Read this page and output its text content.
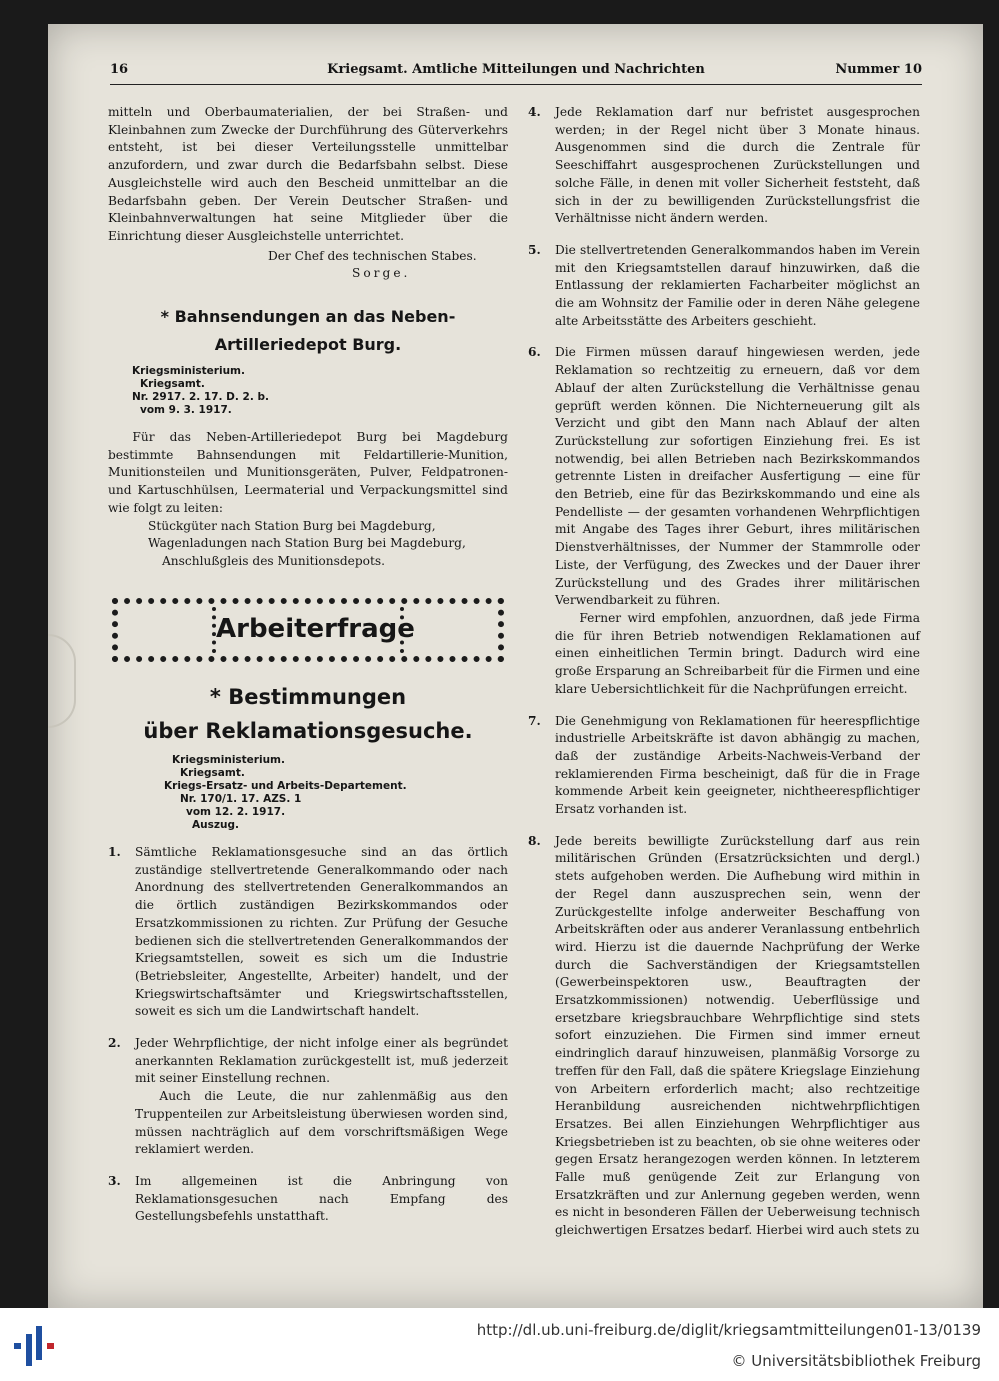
16	Kriegsamt. Amtliche Mitteilungen und Nachrichten	Nummer 10

mitteln und Oberbaumaterialien, der bei Straßen- und Kleinbahnen zum Zwecke der Durchführung des Güterverkehrs entsteht, ist bei dieser Verteilungsstelle unmittelbar anzufordern, und zwar durch die Bedarfsbahn selbst. Diese Ausgleichstelle wird auch den Bescheid unmittelbar an die Bedarfsbahn geben. Der Verein Deutscher Straßen- und Kleinbahnverwaltungen hat seine Mitglieder über die Einrichtung dieser Ausgleichstelle unterrichtet.

Der Chef des technischen Stabes.

Sorge.

* Bahnsendungen an das Neben-Artilleriedepot Burg.
Kriegsministerium.
Kriegsamt.
Nr. 2917. 2. 17. D. 2. b.
vom 9. 3. 1917.

Für das Neben-Artilleriedepot Burg bei Magdeburg bestimmte Bahnsendungen mit Feldartillerie-Munition, Munitionsteilen und Munitionsgeräten, Pulver, Feldpatronen- und Kartuschhülsen, Leermaterial und Verpackungsmittel sind wie folgt zu leiten:

Stückgüter nach Station Burg bei Magdeburg,
Wagenladungen nach Station Burg bei Magdeburg,
Anschlußgleis des Munitionsdepots.
Arbeiterfrage
* Bestimmungen
über Reklamationsgesuche.
Kriegsministerium.
Kriegsamt.
Kriegs-Ersatz- und Arbeits-Departement.
Nr. 170/1. 17. AZS. 1
vom 12. 2. 1917.
Auszug.
1. Sämtliche Reklamationsgesuche sind an das örtlich zuständige stellvertretende Generalkommando oder nach Anordnung des stellvertretenden Generalkommandos an die örtlich zuständigen Bezirkskommandos oder Ersatzkommissionen zu richten. Zur Prüfung der Gesuche bedienen sich die stellvertretenden Generalkommandos der Kriegsamtstellen, soweit es sich um die Industrie (Betriebsleiter, Angestellte, Arbeiter) handelt, und der Kriegswirtschaftsämter und Kriegswirtschaftsstellen, soweit es sich um die Landwirtschaft handelt.

2. Jeder Wehrpflichtige, der nicht infolge einer als begründet anerkannten Reklamation zurückgestellt ist, muß jederzeit mit seiner Einstellung rechnen.

Auch die Leute, die nur zahlenmäßig aus den Truppenteilen zur Arbeitsleistung überwiesen worden sind, müssen nachträglich auf dem vorschriftsmäßigen Wege reklamiert werden.

3. Im allgemeinen ist die Anbringung von Reklamationsgesuchen nach Empfang des Gestellungsbefehls unstatthaft.

4. Jede Reklamation darf nur befristet ausgesprochen werden; in der Regel nicht über 3 Monate hinaus. Ausgenommen sind die durch die Zentrale für Seeschiffahrt ausgesprochenen Zurückstellungen und solche Fälle, in denen mit voller Sicherheit feststeht, daß sich in der zu bewilligenden Zurückstellungsfrist die Verhältnisse nicht ändern werden.

5. Die stellvertretenden Generalkommandos haben im Verein mit den Kriegsamtstellen darauf hinzuwirken, daß die Entlassung der reklamierten Facharbeiter möglichst an die am Wohnsitz der Familie oder in deren Nähe gelegene alte Arbeitsstätte des Arbeiters geschieht.

6. Die Firmen müssen darauf hingewiesen werden, jede Reklamation so rechtzeitig zu erneuern, daß vor dem Ablauf der alten Zurückstellung die Verhältnisse genau geprüft werden können. Die Nichterneuerung gilt als Verzicht und gibt den Mann nach Ablauf der alten Zurückstellung zur sofortigen Einziehung frei. Es ist notwendig, bei allen Betrieben nach Bezirkskommandos getrennte Listen in dreifacher Ausfertigung — eine für den Betrieb, eine für das Bezirkskommando und eine als Pendelliste — der gesamten vorhandenen Wehrpflichtigen mit Angabe des Tages ihrer Geburt, ihres militärischen Dienstverhältnisses, der Nummer der Stammrolle oder Liste, der Verfügung, des Zweckes und der Dauer ihrer Zurückstellung und des Grades ihrer militärischen Verwendbarkeit zu führen.

Ferner wird empfohlen, anzuordnen, daß jede Firma die für ihren Betrieb notwendigen Reklamationen auf einen einheitlichen Termin bringt. Dadurch wird eine große Ersparung an Schreibarbeit für die Firmen und eine klare Uebersichtlichkeit für die Nachprüfungen erreicht.

7. Die Genehmigung von Reklamationen für heerespflichtige industrielle Arbeitskräfte ist davon abhängig zu machen, daß der zuständige Arbeits-Nachweis-Verband der reklamierenden Firma bescheinigt, daß für die in Frage kommende Arbeit kein geeigneter, nichtheerespflichtiger Ersatz vorhanden ist.

8. Jede bereits bewilligte Zurückstellung darf aus rein militärischen Gründen (Ersatzrücksichten und dergl.) stets aufgehoben werden. Die Aufhebung wird mithin in der Regel dann auszusprechen sein, wenn der Zurückgestellte infolge anderweiter Beschaffung von Arbeitskräften oder aus anderer Veranlassung entbehrlich wird. Hierzu ist die dauernde Nachprüfung der Werke durch die Sachverständigen der Kriegsamtstellen (Gewerbeinspektoren usw., Beauftragten der Ersatzkommissionen) notwendig. Ueberflüssige und ersetzbare kriegsbrauchbare Wehrpflichtige sind stets sofort einzuziehen. Die Firmen sind immer erneut eindringlich darauf hinzuweisen, planmäßig Vorsorge zu treffen für den Fall, daß die spätere Kriegslage Einziehung von Arbeitern erforderlich macht; also rechtzeitige Heranbildung ausreichenden nichtwehrpflichtigen Ersatzes. Bei allen Einziehungen Wehrpflichtiger aus Kriegsbetrieben ist zu beachten, ob sie ohne weiteres oder gegen Ersatz herangezogen werden können. In letzterem Falle muß genügende Zeit zur Erlangung von Ersatzkräften und zur Anlernung gegeben werden, wenn es nicht in besonderen Fällen der Ueberweisung technisch gleichwertigen Ersatzes bedarf. Hierbei wird auch stets zu

http://dl.ub.uni-freiburg.de/diglit/kriegsamtmitteilungen01-13/0139
© Universitätsbibliothek Freiburg
